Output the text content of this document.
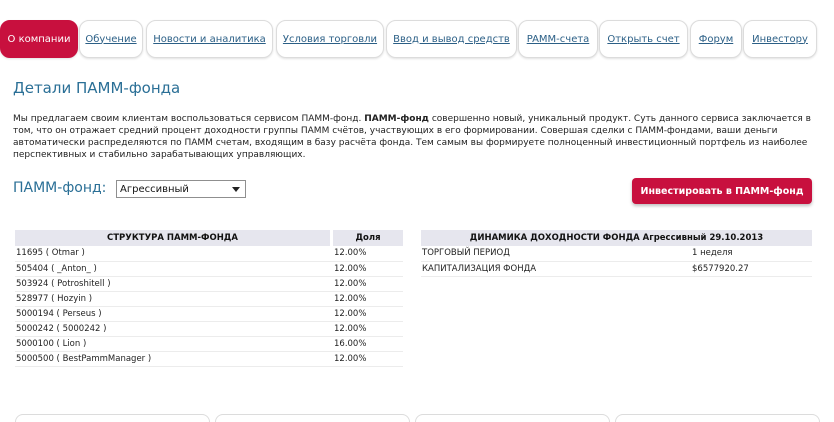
О компании	Обучение	Новости и аналитика	Условия торговли	Ввод и вывод средств	PAMM-счета	Открыть счет	Форум	Инвестору
Детали ПАММ-фонда

Мы предлагаем своим клиентам воспользоваться сервисом ПАММ-фонд. ПАММ-фонд совершенно новый, уникальный продукт. Суть данного сервиса заключается в том, что он отражает средний процент доходности группы ПАММ счётов, участвующих в его формировании. Совершая сделки с ПАММ-фондами, ваши деньги автоматически распределяются по ПАММ счетам, входящим в базу расчёта фонда. Тем самым вы формируете полноценный инвестиционный портфель из наиболее перспективных и стабильно зарабатывающих управляющих.

ПАММ-фонд: Агрессивный	Инвестировать в ПАММ-фонд
СТРУКТУРА ПАММ-ФОНДА		Доля
11695 ( Otmar )		12.00%
505404 ( _Anton_ )		12.00%
503924 ( Potroshitell )		12.00%
528977 ( Hozyin )		12.00%
5000194 ( Perseus )		12.00%
5000242 ( 5000242 )		12.00%
5000100 ( Lion )		16.00%
5000500 ( BestPammManager )		12.00%
ДИНАМИКА ДОХОДНОСТИ ФОНДА Агрессивный 29.10.2013	
ТОРГОВЫЙ ПЕРИОД	1 неделя
КАПИТАЛИЗАЦИЯ ФОНДА	$6577920.27
